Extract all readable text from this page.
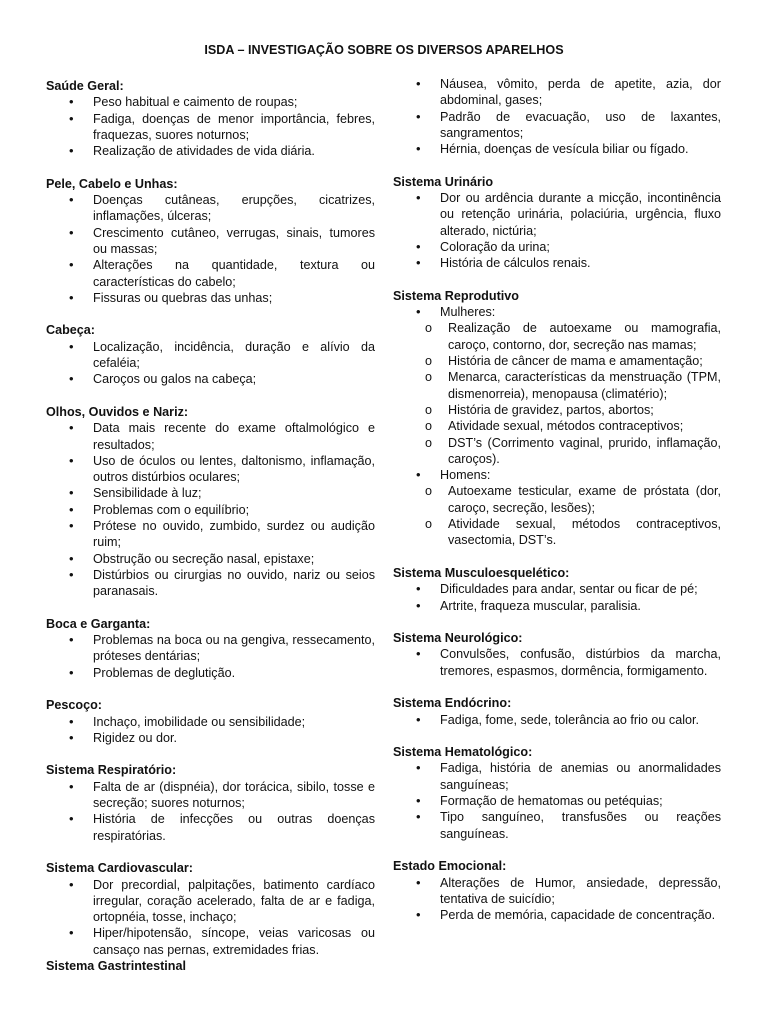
ISDA – INVESTIGAÇÃO SOBRE OS DIVERSOS APARELHOS
Saúde Geral:
• Peso habitual e caimento de roupas;
• Fadiga, doenças de menor importância, febres, fraquezas, suores noturnos;
• Realização de atividades de vida diária.
Pele, Cabelo e Unhas:
• Doenças cutâneas, erupções, cicatrizes, inflamações, úlceras;
• Crescimento cutâneo, verrugas, sinais, tumores ou massas;
• Alterações na quantidade, textura ou características do cabelo;
• Fissuras ou quebras das unhas;
Cabeça:
• Localização, incidência, duração e alívio da cefaléia;
• Caroços ou galos na cabeça;
Olhos, Ouvidos e Nariz:
• Data mais recente do exame oftalmológico e resultados;
• Uso de óculos ou lentes, daltonismo, inflamação, outros distúrbios oculares;
• Sensibilidade à luz;
• Problemas com o equilíbrio;
• Prótese no ouvido, zumbido, surdez ou audição ruim;
• Obstrução ou secreção nasal, epistaxe;
• Distúrbios ou cirurgias no ouvido, nariz ou seios paranasais.
Boca e Garganta:
• Problemas na boca ou na gengiva, ressecamento, próteses dentárias;
• Problemas de deglutição.
Pescoço:
• Inchaço, imobilidade ou sensibilidade;
• Rigidez ou dor.
Sistema Respiratório:
• Falta de ar (dispnéia), dor torácica, sibilo, tosse e secreção; suores noturnos;
• História de infecções ou outras doenças respiratórias.
Sistema Cardiovascular:
• Dor precordial, palpitações, batimento cardíaco irregular, coração acelerado, falta de ar e fadiga, ortopnéia, tosse, inchaço;
• Hiper/hipotensão, síncope, veias varicosas ou cansaço nas pernas, extremidades frias.
Sistema Gastrintestinal
• Náusea, vômito, perda de apetite, azia, dor abdominal, gases;
• Padrão de evacuação, uso de laxantes, sangramentos;
• Hérnia, doenças de vesícula biliar ou fígado.
Sistema Urinário
• Dor ou ardência durante a micção, incontinência ou retenção urinária, polaciúria, urgência, fluxo alterado, nictúria;
• Coloração da urina;
• História de cálculos renais.
Sistema Reprodutivo
• Mulheres:
o Realização de autoexame ou mamografia, caroço, contorno, dor, secreção nas mamas;
o História de câncer de mama e amamentação;
o Menarca, características da menstruação (TPM, dismenorreia), menopausa (climatério);
o História de gravidez, partos, abortos;
o Atividade sexual, métodos contraceptivos;
o DST’s (Corrimento vaginal, prurido, inflamação, caroços).
• Homens:
o Autoexame testicular, exame de próstata (dor, caroço, secreção, lesões);
o Atividade sexual, métodos contraceptivos, vasectomia, DST’s.
Sistema Musculoesquelético:
• Dificuldades para andar, sentar ou ficar de pé;
• Artrite, fraqueza muscular, paralisia.
Sistema Neurológico:
• Convulsões, confusão, distúrbios da marcha, tremores, espasmos, dormência, formigamento.
Sistema Endócrino:
• Fadiga, fome, sede, tolerância ao frio ou calor.
Sistema Hematológico:
• Fadiga, história de anemias ou anormalidades sanguíneas;
• Formação de hematomas ou petéquias;
• Tipo sanguíneo, transfusões ou reações sanguíneas.
Estado Emocional:
• Alterações de Humor, ansiedade, depressão, tentativa de suicídio;
• Perda de memória, capacidade de concentração.
